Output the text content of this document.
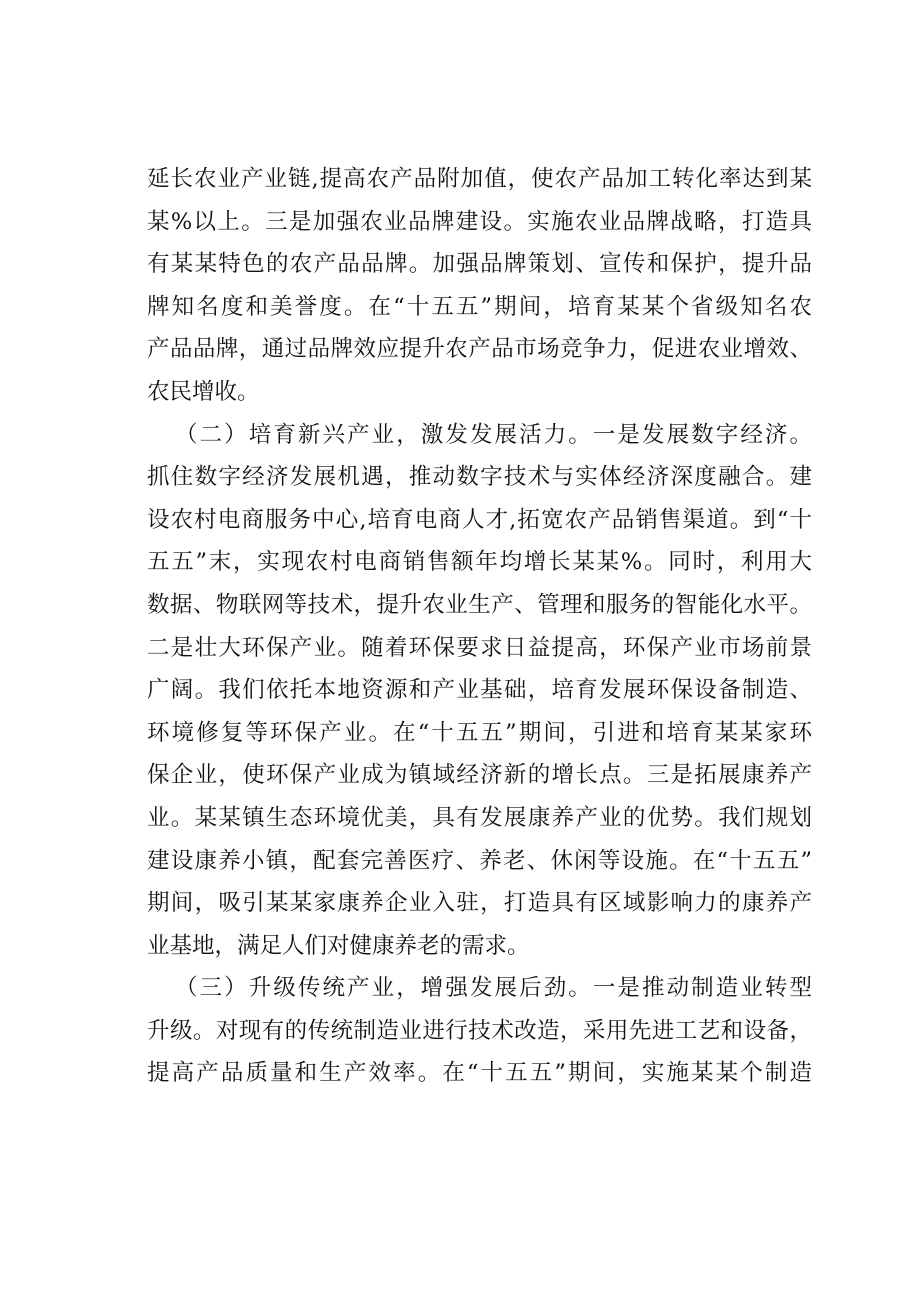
延长农业产业链,提高农产品附加值，使农产品加工转化率达到某
某%以上。三是加强农业品牌建设。实施农业品牌战略，打造具
有某某特色的农产品品牌。加强品牌策划、宣传和保护，提升品
牌知名度和美誉度。在“十五五”期间，培育某某个省级知名农
产品品牌，通过品牌效应提升农产品市场竞争力，促进农业增效、
农民增收。
（二）培育新兴产业，激发发展活力。一是发展数字经济。
抓住数字经济发展机遇，推动数字技术与实体经济深度融合。建
设农村电商服务中心,培育电商人才,拓宽农产品销售渠道。到“十
五五”末，实现农村电商销售额年均增长某某%。同时，利用大
数据、物联网等技术，提升农业生产、管理和服务的智能化水平。
二是壮大环保产业。随着环保要求日益提高，环保产业市场前景
广阔。我们依托本地资源和产业基础，培育发展环保设备制造、
环境修复等环保产业。在“十五五”期间，引进和培育某某家环
保企业，使环保产业成为镇域经济新的增长点。三是拓展康养产
业。某某镇生态环境优美，具有发展康养产业的优势。我们规划
建设康养小镇，配套完善医疗、养老、休闲等设施。在“十五五”
期间，吸引某某家康养企业入驻，打造具有区域影响力的康养产
业基地，满足人们对健康养老的需求。
（三）升级传统产业，增强发展后劲。一是推动制造业转型
升级。对现有的传统制造业进行技术改造，采用先进工艺和设备，
提高产品质量和生产效率。在“十五五”期间，实施某某个制造
